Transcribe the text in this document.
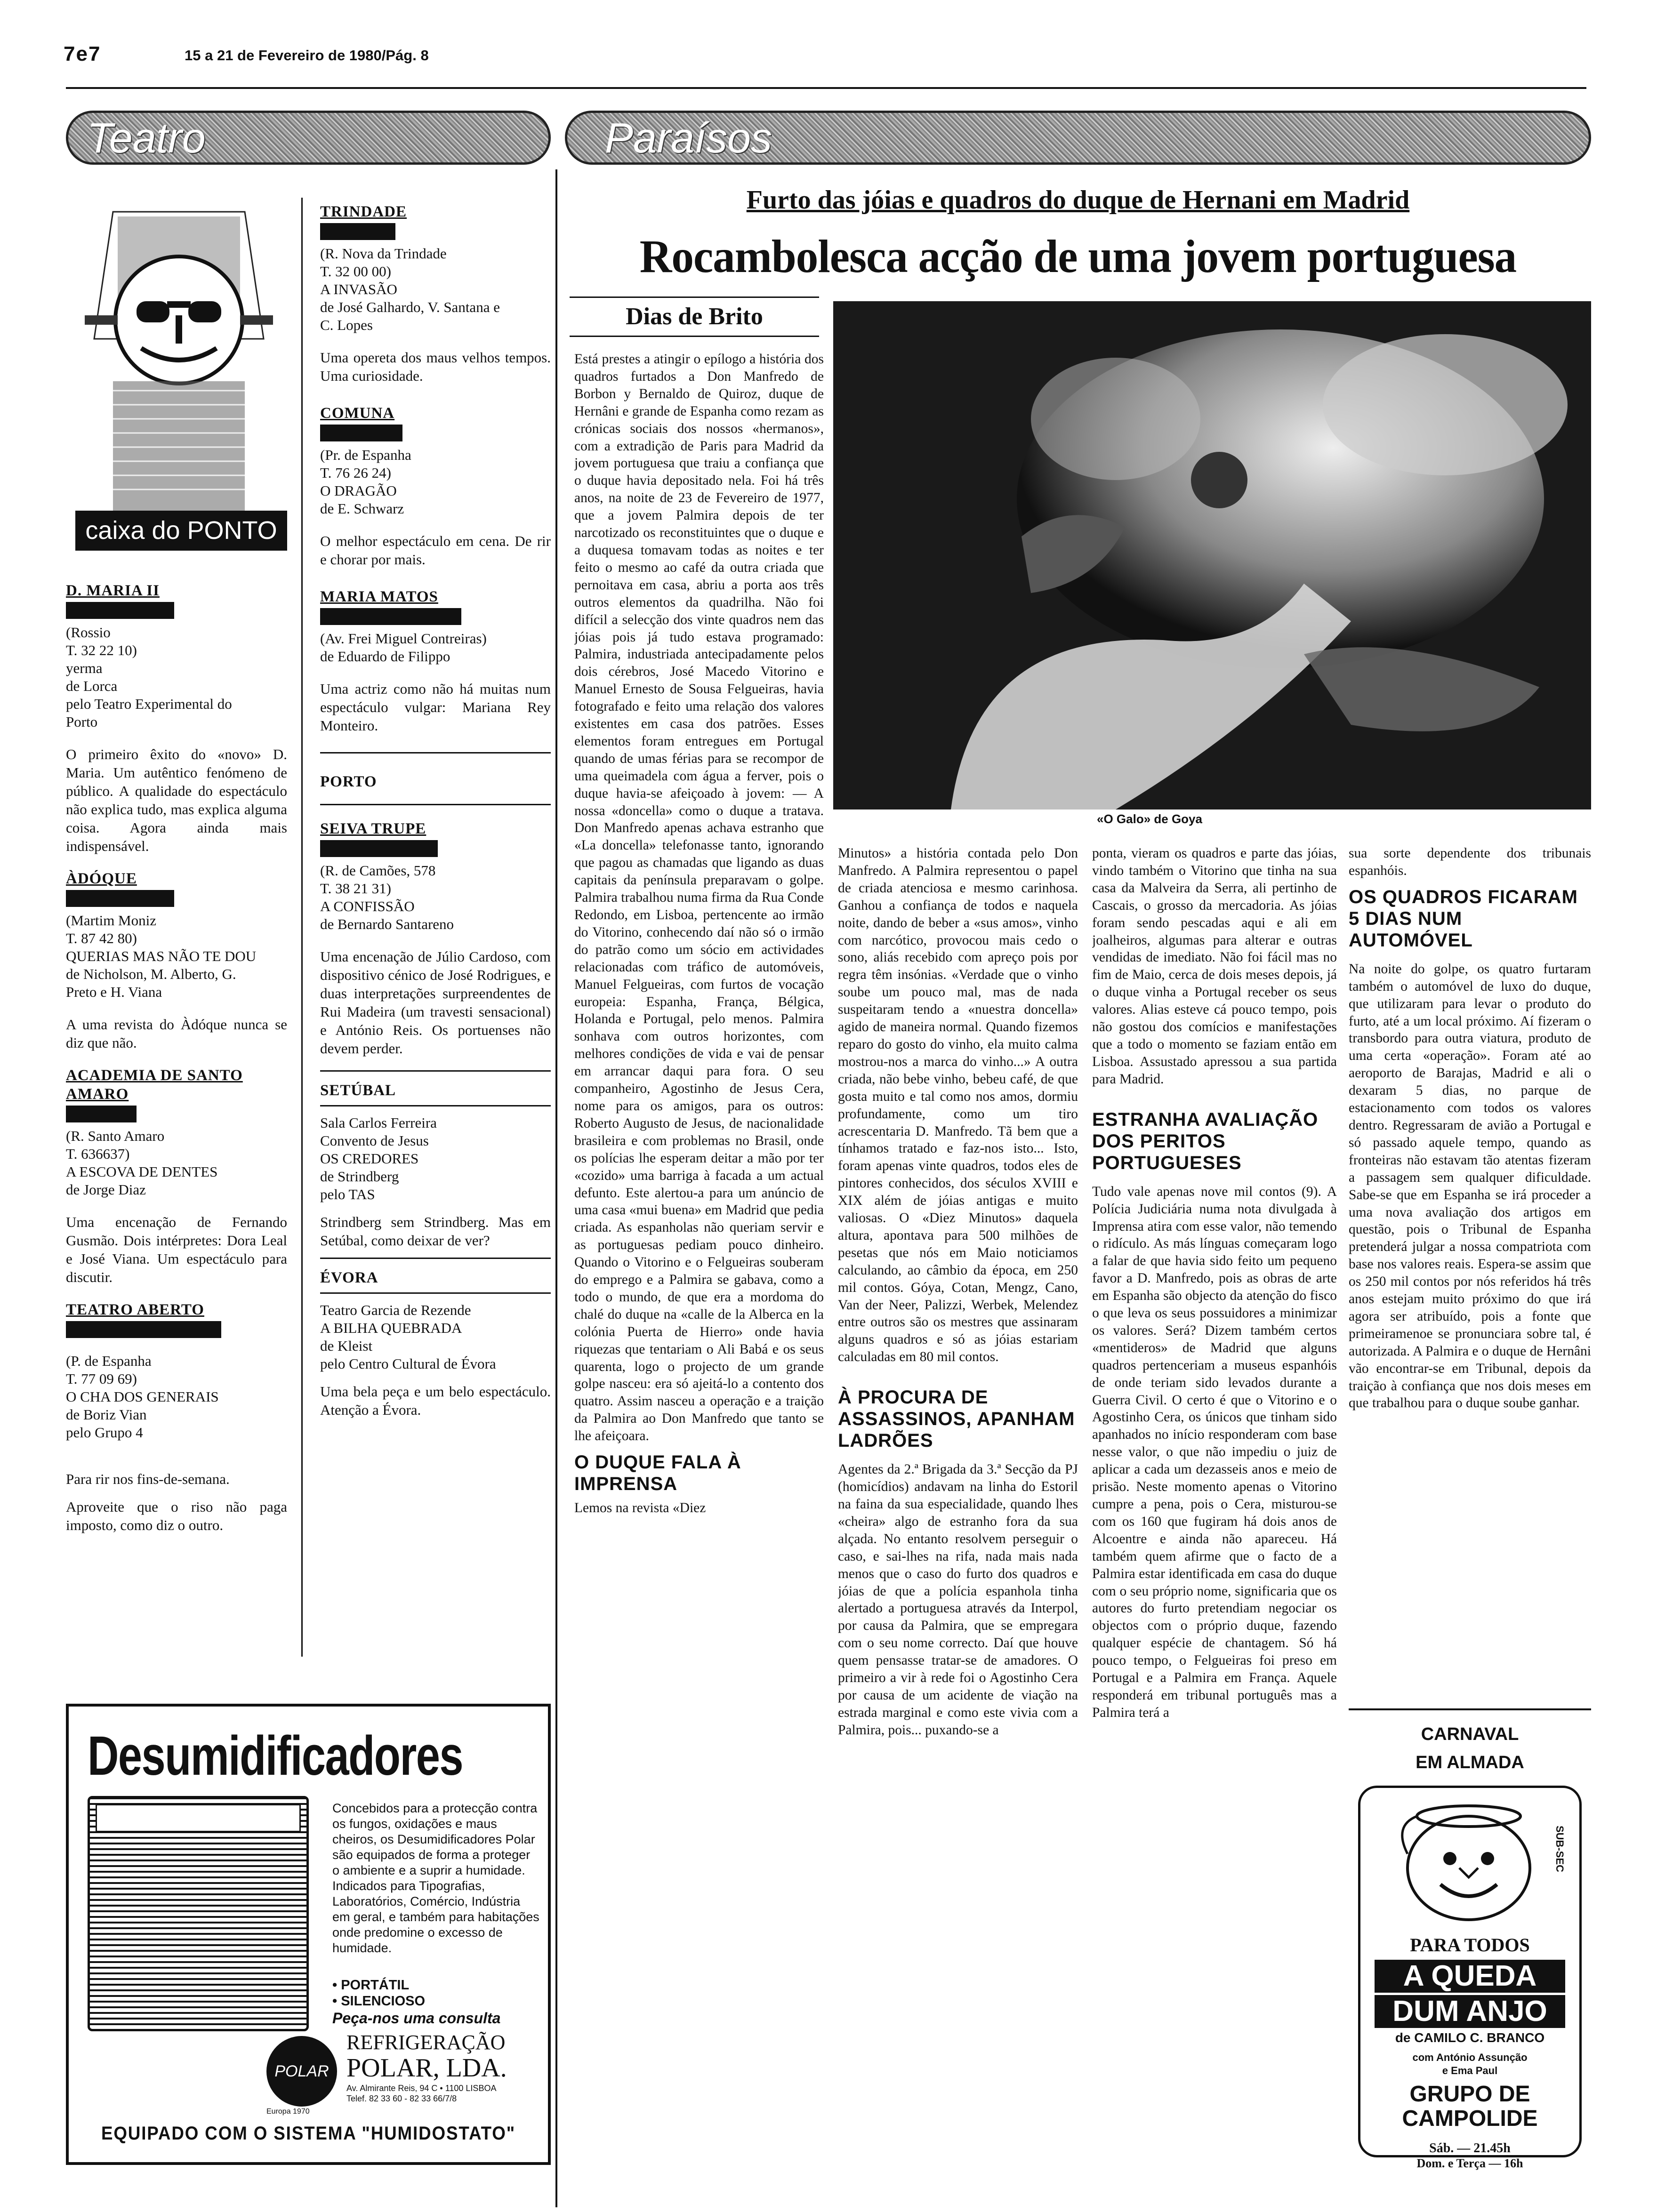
7e7	15 a 21 de Fevereiro de 1980/Pág. 8
Teatro	Paraísos
caixa do PONTO
D. MARIA II
(Rossio
T. 32 22 10)
yerma
de Lorca
pelo Teatro Experimental do
Porto

O primeiro êxito do «novo» D. Maria. Um autêntico fenómeno de público. A qualidade do espectáculo não explica tudo, mas explica alguma coisa. Agora ainda mais indispensável.

ÀDÓQUE
(Martim Moniz
T. 87 42 80)
QUERIAS MAS NÃO TE DOU
de Nicholson, M. Alberto, G.
Preto e H. Viana

A uma revista do Àdóque nunca se diz que não.

ACADEMIA DE SANTO AMARO
(R. Santo Amaro
T. 636637)
A ESCOVA DE DENTES
de Jorge Diaz

Uma encenação de Fernando Gusmão. Dois intérpretes: Dora Leal e José Viana. Um espectáculo para discutir.

TEATRO ABERTO
(P. de Espanha
T. 77 09 69)
O CHA DOS GENERAIS
de Boriz Vian
pelo Grupo 4

Para rir nos fins-de-semana.

Aproveite que o riso não paga imposto, como diz o outro.

TRINDADE
(R. Nova da Trindade
T. 32 00 00)
A INVASÃO
de José Galhardo, V. Santana e
C. Lopes

Uma opereta dos maus velhos tempos. Uma curiosidade.

COMUNA
(Pr. de Espanha
T. 76 26 24)
O DRAGÃO
de E. Schwarz

O melhor espectáculo em cena. De rir e chorar por mais.

MARIA MATOS
(Av. Frei Miguel Contreiras)
de Eduardo de Filippo

Uma actriz como não há muitas num espectáculo vulgar: Mariana Rey Monteiro.

PORTO
SEIVA TRUPE
(R. de Camões, 578
T. 38 21 31)
A CONFISSÃO
de Bernardo Santareno

Uma encenação de Júlio Cardoso, com dispositivo cénico de José Rodrigues, e duas interpretações surpreendentes de Rui Madeira (um travesti sensacional) e António Reis. Os portuenses não devem perder.

SETÚBAL
Sala Carlos Ferreira
Convento de Jesus
OS CREDORES
de Strindberg
pelo TAS

Strindberg sem Strindberg. Mas em Setúbal, como deixar de ver?

ÉVORA
Teatro Garcia de Rezende
A BILHA QUEBRADA
de Kleist
pelo Centro Cultural de Évora

Uma bela peça e um belo espectáculo. Atenção a Évora.

Desumidificadores
Concebidos para a protecção contra os fungos, oxidações e maus cheiros, os Desumidificadores Polar são equipados de forma a proteger o ambiente e a suprir a humidade. Indicados para Tipografias, Laboratórios, Comércio, Indústria em geral, e também para habitações onde predomine o excesso de humidade.
• PORTÁTIL
• SILENCIOSO
Peça-nos uma consulta
POLAR
REFRIGERAÇÃO
POLAR, LDA.
Av. Almirante Reis, 94 C • 1100 LISBOA
Telef. 82 33 60 - 82 33 66/7/8
Europa 1970
EQUIPADO COM O SISTEMA "HUMIDOSTATO"
Furto das jóias e quadros do duque de Hernani em Madrid
Rocambolesca acção de uma jovem portuguesa
Dias de Brito
«O Galo» de Goya

Está prestes a atingir o epílogo a história dos quadros furtados a Don Manfredo de Borbon y Bernaldo de Quiroz, duque de Hernâni e grande de Espanha como rezam as crónicas sociais dos nossos «hermanos», com a extradição de Paris para Madrid da jovem portuguesa que traiu a confiança que o duque havia depositado nela. Foi há três anos, na noite de 23 de Fevereiro de 1977, que a jovem Palmira depois de ter narcotizado os reconstituintes que o duque e a duquesa tomavam todas as noites e ter feito o mesmo ao café da outra criada que pernoitava em casa, abriu a porta aos três outros elementos da quadrilha. Não foi difícil a selecção dos vinte quadros nem das jóias pois já tudo estava programado: Palmira, industriada antecipadamente pelos dois cérebros, José Macedo Vitorino e Manuel Ernesto de Sousa Felgueiras, havia fotografado e feito uma relação dos valores existentes em casa dos patrões. Esses elementos foram entregues em Portugal quando de umas férias para se recompor de uma queimadela com água a ferver, pois o duque havia-se afeiçoado à jovem: — A nossa «doncella» como o duque a tratava. Don Manfredo apenas achava estranho que «La doncella» telefonasse tanto, ignorando que pagou as chamadas que ligando as duas capitais da península preparavam o golpe. Palmira trabalhou numa firma da Rua Conde Redondo, em Lisboa, pertencente ao irmão do Vitorino, conhecendo daí não só o irmão do patrão como um sócio em actividades relacionadas com tráfico de automóveis, Manuel Felgueiras, com furtos de vocação europeia: Espanha, França, Bélgica, Holanda e Portugal, pelo menos. Palmira sonhava com outros horizontes, com melhores condições de vida e vai de pensar em arrancar daqui para fora. O seu companheiro, Agostinho de Jesus Cera, nome para os amigos, para os outros: Roberto Augusto de Jesus, de nacionalidade brasileira e com problemas no Brasil, onde os polícias lhe esperam deitar a mão por ter «cozido» uma barriga à facada a um actual defunto. Este alertou-a para um anúncio de uma casa «mui buena» em Madrid que pedia criada. As espanholas não queriam servir e as portuguesas pediam pouco dinheiro. Quando o Vitorino e o Felgueiras souberam do emprego e a Palmira se gabava, como a todo o mundo, de que era a mordoma do chalé do duque na «calle de la Alberca en la colónia Puerta de Hierro» onde havia riquezas que tentariam o Ali Babá e os seus quarenta, logo o projecto de um grande golpe nasceu: era só ajeitá-lo a contento dos quatro. Assim nasceu a operação e a traição da Palmira ao Don Manfredo que tanto se lhe afeiçoara.

O DUQUE FALA À IMPRENSA

Lemos na revista «Diez

Minutos» a história contada pelo Don Manfredo. A Palmira representou o papel de criada atenciosa e mesmo carinhosa. Ganhou a confiança de todos e naquela noite, dando de beber a «sus amos», vinho com narcótico, provocou mais cedo o sono, aliás recebido com apreço pois por regra têm insónias. «Verdade que o vinho soube um pouco mal, mas de nada suspeitaram tendo a «nuestra doncella» agido de maneira normal. Quando fizemos reparo do gosto do vinho, ela muito calma mostrou-nos a marca do vinho...» A outra criada, não bebe vinho, bebeu café, de que gosta muito e tal como nos amos, dormiu profundamente, como um tiro acrescentaria D. Manfredo. Tã bem que a tínhamos tratado e faz-nos isto... Isto, foram apenas vinte quadros, todos eles de pintores conhecidos, dos séculos XVIII e XIX além de jóias antigas e muito valiosas. O «Diez Minutos» daquela altura, apontava para 500 milhões de pesetas que nós em Maio noticiamos calculando, ao câmbio da época, em 250 mil contos. Góya, Cotan, Mengz, Cano, Van der Neer, Palizzi, Werbek, Melendez entre outros são os mestres que assinaram alguns quadros e só as jóias estariam calculadas em 80 mil contos.

À PROCURA DE ASSASSINOS, APANHAM LADRÕES

Agentes da 2.ª Brigada da 3.ª Secção da PJ (homicídios) andavam na linha do Estoril na faina da sua especialidade, quando lhes «cheira» algo de estranho fora da sua alçada. No entanto resolvem perseguir o caso, e sai-lhes na rifa, nada mais nada menos que o caso do furto dos quadros e jóias de que a polícia espanhola tinha alertado a portuguesa através da Interpol, por causa da Palmira, que se empregara com o seu nome correcto. Daí que houve quem pensasse tratar-se de amadores. O primeiro a vir à rede foi o Agostinho Cera por causa de um acidente de viação na estrada marginal e como este vivia com a Palmira, pois... puxando-se a

ponta, vieram os quadros e parte das jóias, vindo também o Vitorino que tinha na sua casa da Malveira da Serra, ali pertinho de Cascais, o grosso da mercadoria. As jóias foram sendo pescadas aqui e ali em joalheiros, algumas para alterar e outras vendidas de imediato. Não foi fácil mas no fim de Maio, cerca de dois meses depois, já o duque vinha a Portugal receber os seus valores. Alias esteve cá pouco tempo, pois não gostou dos comícios e manifestações que a todo o momento se faziam então em Lisboa. Assustado apressou a sua partida para Madrid.

ESTRANHA AVALIAÇÃO DOS PERITOS PORTUGUESES

Tudo vale apenas nove mil contos (9). A Polícia Judiciária numa nota divulgada à Imprensa atira com esse valor, não temendo o ridículo. As más línguas começaram logo a falar de que havia sido feito um pequeno favor a D. Manfredo, pois as obras de arte em Espanha são objecto da atenção do fisco o que leva os seus possuidores a minimizar os valores. Será? Dizem também certos «mentideros» de Madrid que alguns quadros pertenceriam a museus espanhóis de onde teriam sido levados durante a Guerra Civil. O certo é que o Vitorino e o Agostinho Cera, os únicos que tinham sido apanhados no início responderam com base nesse valor, o que não impediu o juiz de aplicar a cada um dezasseis anos e meio de prisão. Neste momento apenas o Vitorino cumpre a pena, pois o Cera, misturou-se com os 160 que fugiram há dois anos de Alcoentre e ainda não apareceu. Há também quem afirme que o facto de a Palmira estar identificada em casa do duque com o seu próprio nome, significaria que os autores do furto pretendiam negociar os objectos com o próprio duque, fazendo qualquer espécie de chantagem. Só há pouco tempo, o Felgueiras foi preso em Portugal e a Palmira em França. Aquele responderá em tribunal português mas a Palmira terá a

sua sorte dependente dos tribunais espanhóis.

OS QUADROS FICARAM 5 DIAS NUM AUTOMÓVEL

Na noite do golpe, os quatro furtaram também o automóvel de luxo do duque, que utilizaram para levar o produto do furto, até a um local próximo. Aí fizeram o transbordo para outra viatura, produto de uma certa «operação». Foram até ao aeroporto de Barajas, Madrid e ali o dexaram 5 dias, no parque de estacionamento com todos os valores dentro. Regressaram de avião a Portugal e só passado aquele tempo, quando as fronteiras não estavam tão atentas fizeram a passagem sem qualquer dificuldade. Sabe-se que em Espanha se irá proceder a uma nova avaliação dos artigos em questão, pois o Tribunal de Espanha pretenderá julgar a nossa compatriota com base nos valores reais. Espera-se assim que os 250 mil contos por nós referidos há três anos estejam muito próximo do que irá agora ser atribuído, pois a fonte que primeiramenoe se pronunciara sobre tal, é autorizada. A Palmira e o duque de Hernâni vão encontrar-se em Tribunal, depois da traição à confiança que nos dois meses em que trabalhou para o duque soube ganhar.

CARNAVAL
EM ALMADA
SUB-SEC
PARA TODOS
A QUEDA
DUM ANJO
de CAMILO C. BRANCO
com António Assunção
e Ema Paul
GRUPO DE
CAMPOLIDE
Sáb. — 21.45h
Dom. e Terça — 16h
